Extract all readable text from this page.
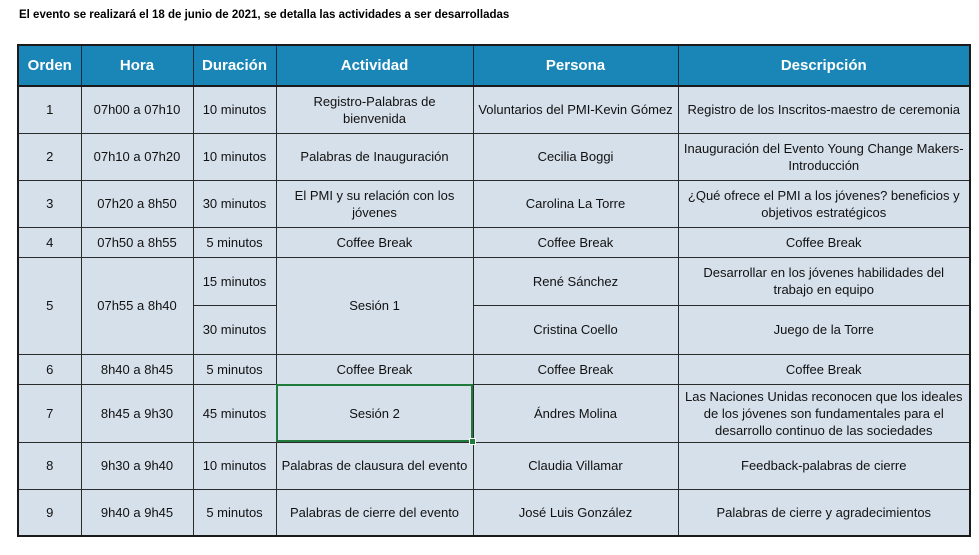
El evento se realizará el 18 de junio de 2021, se detalla las actividades a ser desarrolladas
Orden	Hora	Duración	Actividad	Persona	Descripción
1	07h00 a 07h10	10 minutos	Registro-Palabras de bienvenida	Voluntarios del PMI-Kevin Gómez	Registro de los Inscritos-maestro de ceremonia
2	07h10 a 07h20	10 minutos	Palabras de Inauguración	Cecilia Boggi	Inauguración del Evento Young Change Makers-Introducción
3	07h20 a 8h50	30 minutos	El PMI y su relación con los jóvenes	Carolina La Torre	¿Qué ofrece el PMI a los jóvenes? beneficios y objetivos estratégicos
4	07h50 a 8h55	5 minutos	Coffee Break	Coffee Break	Coffee Break
5	07h55 a 8h40	15 minutos	Sesión 1	René Sánchez	Desarrollar en los jóvenes habilidades del trabajo en equipo
		30 minutos		Cristina Coello	Juego de la Torre
6	8h40 a 8h45	5 minutos	Coffee Break	Coffee Break	Coffee Break
7	8h45 a 9h30	45 minutos	Sesión 2	Ándres Molina	Las Naciones Unidas reconocen que los ideales de los jóvenes son fundamentales para el desarrollo continuo de las sociedades
8	9h30 a 9h40	10 minutos	Palabras de clausura del evento	Claudia Villamar	Feedback-palabras de cierre
9	9h40 a 9h45	5 minutos	Palabras de cierre del evento	José Luis González	Palabras de cierre y agradecimientos
